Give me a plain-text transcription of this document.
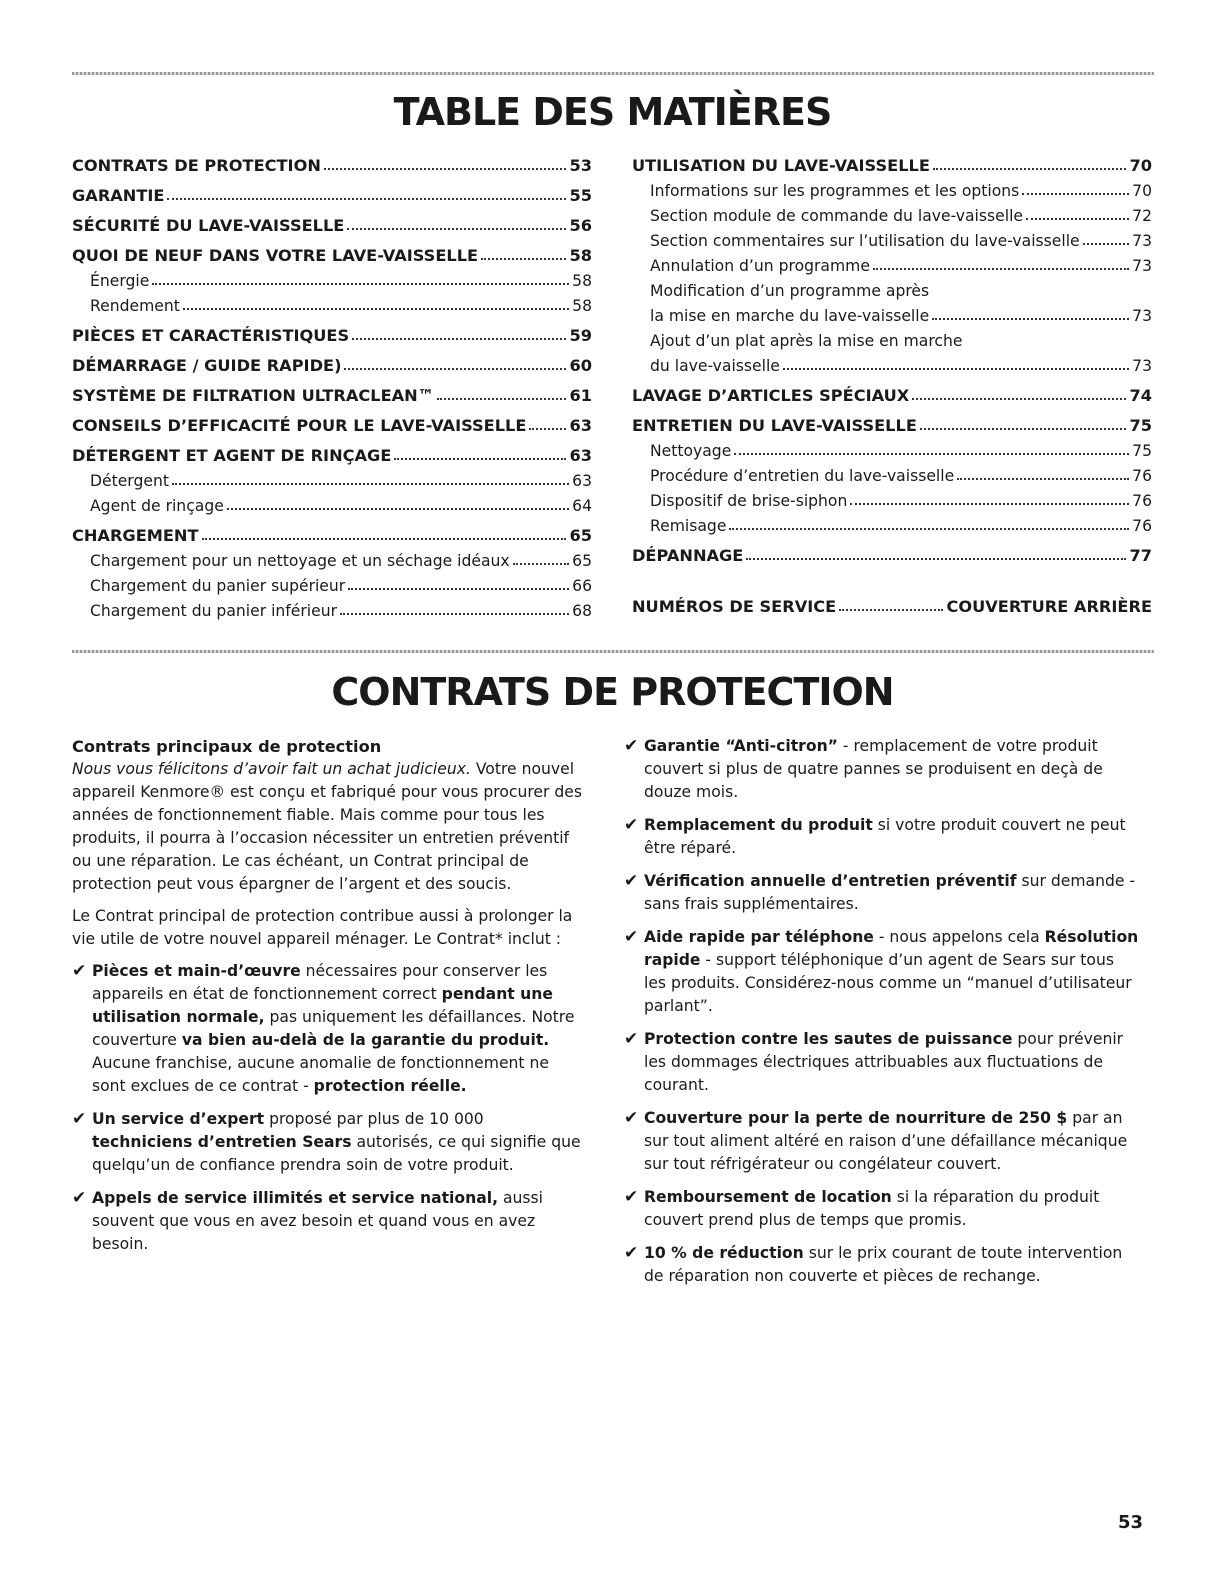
TABLE DES MATIÈRES
CONTRATS DE PROTECTION	53
GARANTIE	55
SÉCURITÉ DU LAVE-VAISSELLE	56
QUOI DE NEUF DANS VOTRE LAVE-VAISSELLE	58
Énergie	58
Rendement	58
PIÈCES ET CARACTÉRISTIQUES	59
DÉMARRAGE / GUIDE RAPIDE)	60
SYSTÈME DE FILTRATION ULTRACLEAN™	61
CONSEILS D’EFFICACITÉ POUR LE LAVE-VAISSELLE	63
DÉTERGENT ET AGENT DE RINÇAGE	63
Détergent	63
Agent de rinçage	64
CHARGEMENT	65
Chargement pour un nettoyage et un séchage idéaux	65
Chargement du panier supérieur	66
Chargement du panier inférieur	68
UTILISATION DU LAVE-VAISSELLE	70
Informations sur les programmes et les options	70
Section module de commande du lave-vaisselle	72
Section commentaires sur l’utilisation du lave-vaisselle	73
Annulation d’un programme	73
Modification d’un programme après
la mise en marche du lave-vaisselle	73
Ajout d’un plat après la mise en marche
du lave-vaisselle	73
LAVAGE D’ARTICLES SPÉCIAUX	74
ENTRETIEN DU LAVE-VAISSELLE	75
Nettoyage	75
Procédure d’entretien du lave-vaisselle	76
Dispositif de brise-siphon	76
Remisage	76
DÉPANNAGE	77
NUMÉROS DE SERVICE	COUVERTURE ARRIÈRE
CONTRATS DE PROTECTION
Contrats principaux de protection

Nous vous félicitons d’avoir fait un achat judicieux. Votre nouvel appareil Kenmore® est conçu et fabriqué pour vous procurer des années de fonctionnement fiable. Mais comme pour tous les produits, il pourra à l’occasion nécessiter un entretien préventif ou une réparation. Le cas échéant, un Contrat principal de protection peut vous épargner de l’argent et des soucis.

Le Contrat principal de protection contribue aussi à prolonger la vie utile de votre nouvel appareil ménager. Le Contrat* inclut :

✔ Pièces et main-d’œuvre nécessaires pour conserver les appareils en état de fonctionnement correct pendant une utilisation normale, pas uniquement les défaillances. Notre couverture va bien au-delà de la garantie du produit. Aucune franchise, aucune anomalie de fonctionnement ne sont exclues de ce contrat - protection réelle.
✔ Un service d’expert proposé par plus de 10 000 techniciens d’entretien Sears autorisés, ce qui signifie que quelqu’un de confiance prendra soin de votre produit.
✔ Appels de service illimités et service national, aussi souvent que vous en avez besoin et quand vous en avez besoin.
✔ Garantie “Anti-citron” - remplacement de votre produit couvert si plus de quatre pannes se produisent en deçà de douze mois.
✔ Remplacement du produit si votre produit couvert ne peut être réparé.
✔ Vérification annuelle d’entretien préventif sur demande - sans frais supplémentaires.
✔ Aide rapide par téléphone - nous appelons cela Résolution rapide - support téléphonique d’un agent de Sears sur tous les produits. Considérez-nous comme un “manuel d’utilisateur parlant”.
✔ Protection contre les sautes de puissance pour prévenir les dommages électriques attribuables aux fluctuations de courant.
✔ Couverture pour la perte de nourriture de 250 $ par an sur tout aliment altéré en raison d’une défaillance mécanique sur tout réfrigérateur ou congélateur couvert.
✔ Remboursement de location si la réparation du produit couvert prend plus de temps que promis.
✔ 10 % de réduction sur le prix courant de toute intervention de réparation non couverte et pièces de rechange.
53
